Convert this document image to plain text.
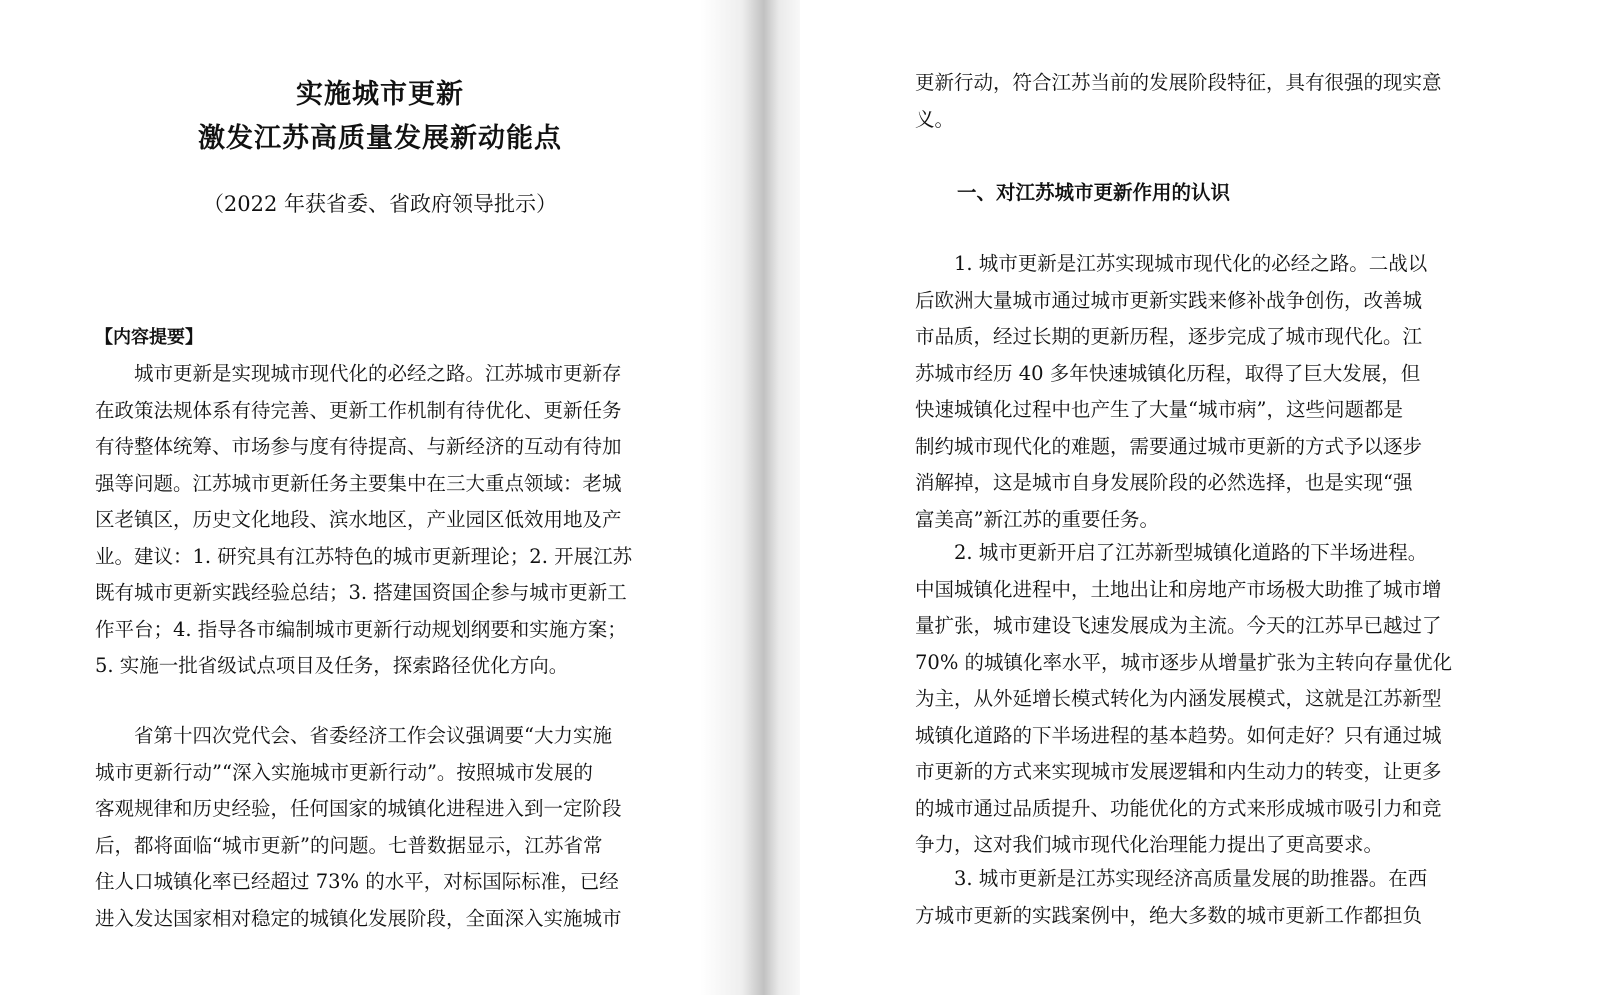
实施城市更新
激发江苏高质量发展新动能点
（2022 年获省委、省政府领导批示）
【内容提要】
　　城市更新是实现城市现代化的必经之路。江苏城市更新存
在政策法规体系有待完善、更新工作机制有待优化、更新任务
有待整体统筹、市场参与度有待提高、与新经济的互动有待加
强等问题。江苏城市更新任务主要集中在三大重点领域：老城
区老镇区，历史文化地段、滨水地区，产业园区低效用地及产
业。建议：1. 研究具有江苏特色的城市更新理论；2. 开展江苏
既有城市更新实践经验总结；3. 搭建国资国企参与城市更新工
作平台；4. 指导各市编制城市更新行动规划纲要和实施方案；
5. 实施一批省级试点项目及任务，探索路径优化方向。
　　省第十四次党代会、省委经济工作会议强调要“大力实施
城市更新行动”“深入实施城市更新行动”。按照城市发展的
客观规律和历史经验，任何国家的城镇化进程进入到一定阶段
后，都将面临“城市更新”的问题。七普数据显示，江苏省常
住人口城镇化率已经超过 73% 的水平，对标国际标准，已经
进入发达国家相对稳定的城镇化发展阶段，全面深入实施城市
更新行动，符合江苏当前的发展阶段特征，具有很强的现实意
义。
一、对江苏城市更新作用的认识
　　1. 城市更新是江苏实现城市现代化的必经之路。二战以
后欧洲大量城市通过城市更新实践来修补战争创伤，改善城
市品质，经过长期的更新历程，逐步完成了城市现代化。江
苏城市经历 40 多年快速城镇化历程，取得了巨大发展，但
快速城镇化过程中也产生了大量“城市病”，这些问题都是
制约城市现代化的难题，需要通过城市更新的方式予以逐步
消解掉，这是城市自身发展阶段的必然选择，也是实现“强
富美高”新江苏的重要任务。
　　2. 城市更新开启了江苏新型城镇化道路的下半场进程。
中国城镇化进程中，土地出让和房地产市场极大助推了城市增
量扩张，城市建设飞速发展成为主流。今天的江苏早已越过了
70% 的城镇化率水平，城市逐步从增量扩张为主转向存量优化
为主，从外延增长模式转化为内涵发展模式，这就是江苏新型
城镇化道路的下半场进程的基本趋势。如何走好？只有通过城
市更新的方式来实现城市发展逻辑和内生动力的转变，让更多
的城市通过品质提升、功能优化的方式来形成城市吸引力和竞
争力，这对我们城市现代化治理能力提出了更高要求。
　　3. 城市更新是江苏实现经济高质量发展的助推器。在西
方城市更新的实践案例中，绝大多数的城市更新工作都担负
